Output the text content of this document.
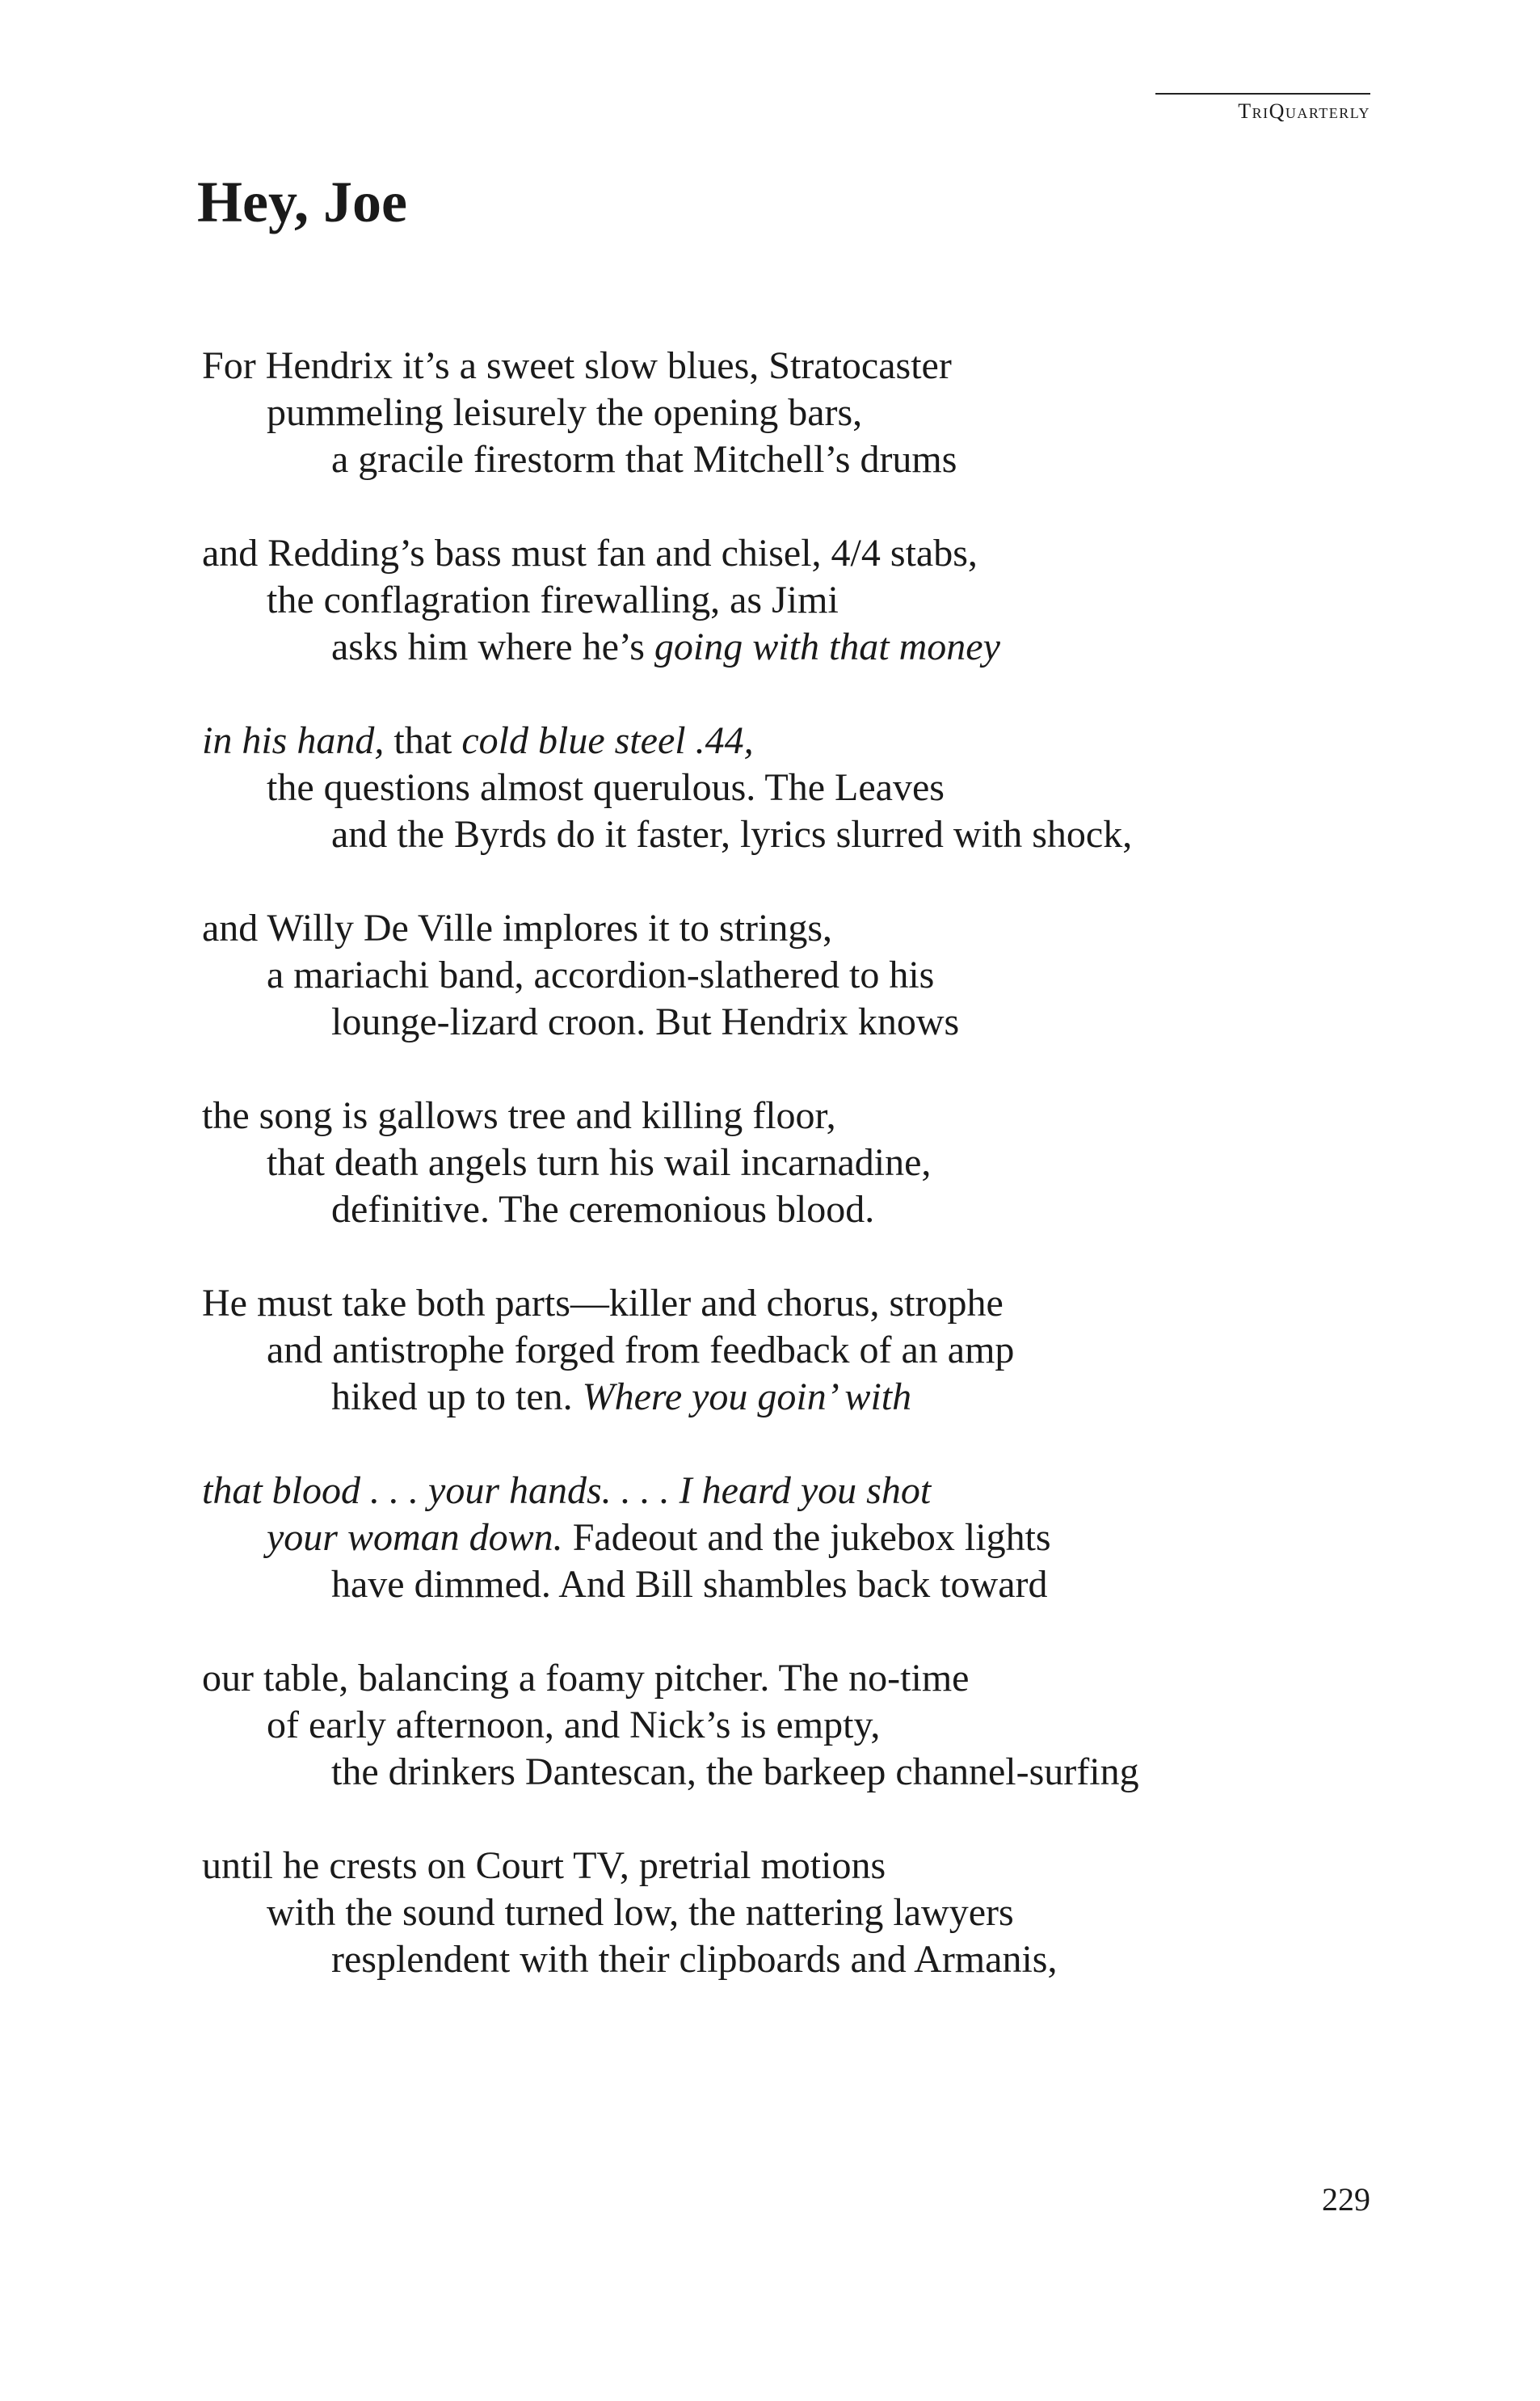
TriQuarterly
Hey, Joe
For Hendrix it’s a sweet slow blues, Stratocaster
pummeling leisurely the opening bars,
a gracile firestorm that Mitchell’s drums
and Redding’s bass must fan and chisel, 4/4 stabs,
the conflagration firewalling, as Jimi
asks him where he’s going with that money
in his hand, that cold blue steel .44,
the questions almost querulous. The Leaves
and the Byrds do it faster, lyrics slurred with shock,
and Willy De Ville implores it to strings,
a mariachi band, accordion-slathered to his
lounge-lizard croon. But Hendrix knows
the song is gallows tree and killing floor,
that death angels turn his wail incarnadine,
definitive. The ceremonious blood.
He must take both parts—killer and chorus, strophe
and antistrophe forged from feedback of an amp
hiked up to ten. Where you goin’ with
that blood . . . your hands. . . . I heard you shot
your woman down. Fadeout and the jukebox lights
have dimmed. And Bill shambles back toward
our table, balancing a foamy pitcher. The no-time
of early afternoon, and Nick’s is empty,
the drinkers Dantescan, the barkeep channel-surfing
until he crests on Court TV, pretrial motions
with the sound turned low, the nattering lawyers
resplendent with their clipboards and Armanis,
229
